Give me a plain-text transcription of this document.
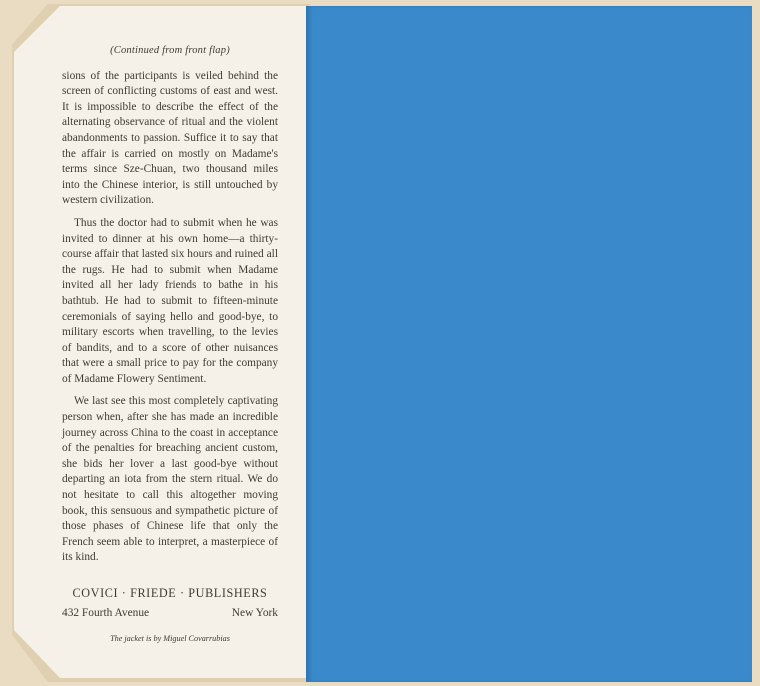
(Continued from front flap)

sions of the participants is veiled behind the screen of conflicting customs of east and west. It is impossible to describe the effect of the alternating observance of ritual and the violent abandonments to passion. Suffice it to say that the affair is carried on mostly on Madame's terms since Sze-Chuan, two thousand miles into the Chinese interior, is still untouched by western civilization.

Thus the doctor had to submit when he was invited to dinner at his own home—a thirty-course affair that lasted six hours and ruined all the rugs. He had to submit when Madame invited all her lady friends to bathe in his bathtub. He had to submit to fifteen-minute ceremonials of saying hello and good-bye, to military escorts when travelling, to the levies of bandits, and to a score of other nuisances that were a small price to pay for the company of Madame Flowery Sentiment.

We last see this most completely captivating person when, after she has made an incredible journey across China to the coast in acceptance of the penalties for breaching ancient custom, she bids her lover a last good-bye without departing an iota from the stern ritual. We do not hesitate to call this altogether moving book, this sensuous and sympathetic picture of those phases of Chinese life that only the French seem able to interpret, a masterpiece of its kind.

COVICI · FRIEDE · PUBLISHERS
432 Fourth Avenue	New York
The jacket is by Miguel Covarrubias
